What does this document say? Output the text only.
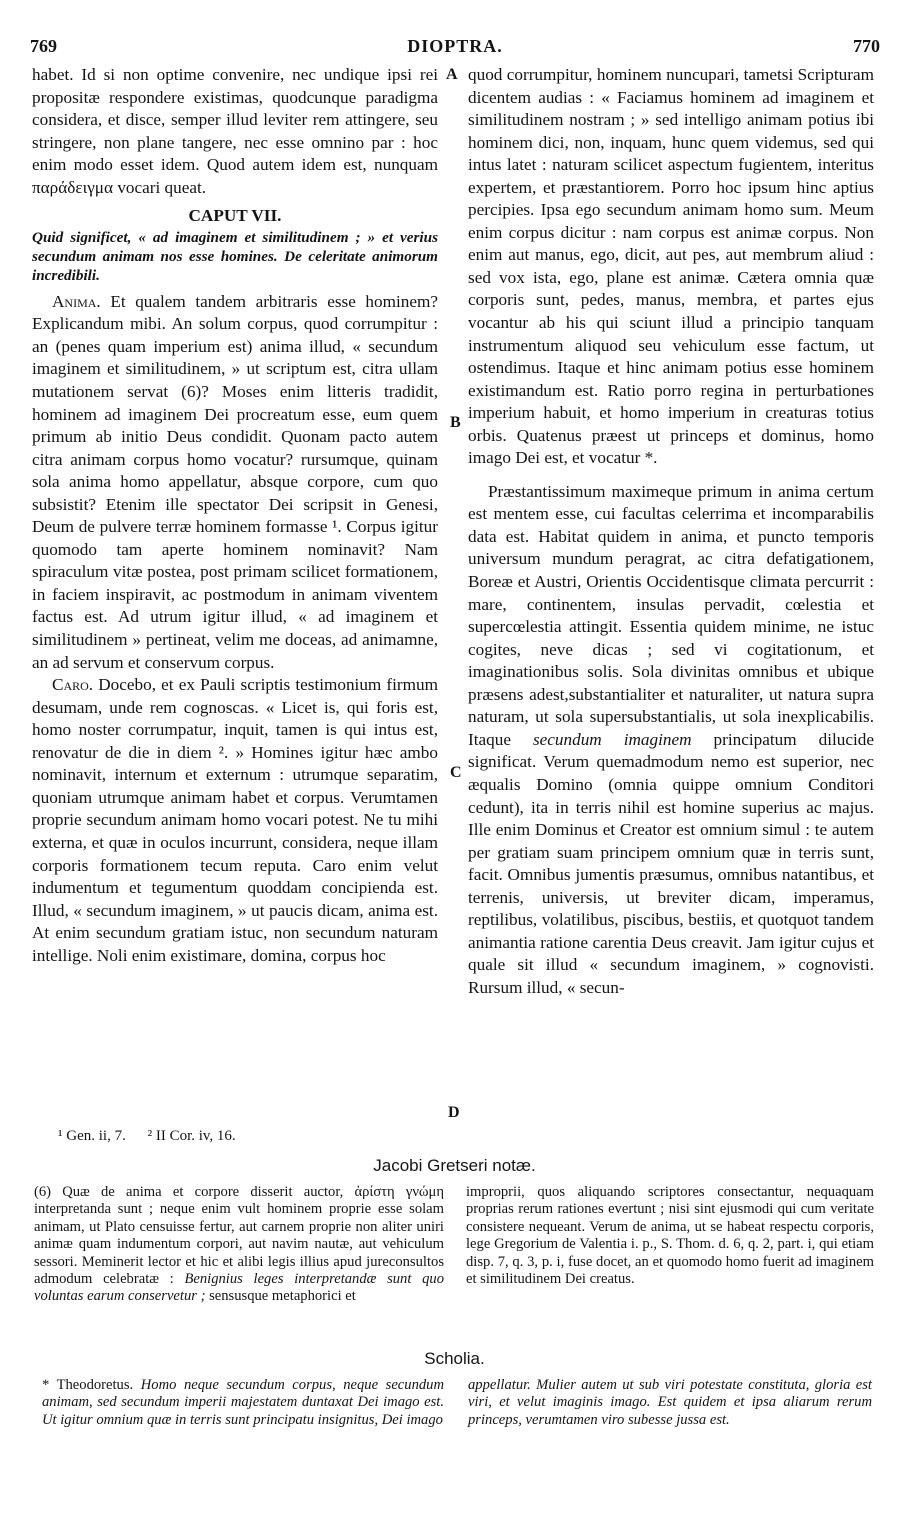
769	DIOPTRA.	770

habet. Id si non optime convenire, nec undique ipsi rei propositæ respondere existimas, quodcunque paradigma considera, et disce, semper illud leviter rem attingere, seu stringere, non plane tangere, nec esse omnino par : hoc enim modo esset idem. Quod autem idem est, nunquam παράδειγμα vocari queat.

CAPUT VII.

Quid significet, « ad imaginem et similitudinem ; » et verius secundum animam nos esse homines. De celeritate animorum incredibili.

Anima. Et qualem tandem arbitraris esse hominem? Explicandum mibi. An solum corpus, quod corrumpitur : an (penes quam imperium est) anima illud, « secundum imaginem et similitudinem, » ut scriptum est, citra ullam mutationem servat (6)? Moses enim litteris tradidit, hominem ad imaginem Dei procreatum esse, eum quem primum ab initio Deus condidit. Quonam pacto autem citra animam corpus homo vocatur? rursumque, quinam sola anima homo appellatur, absque corpore, cum quo subsistit? Etenim ille spectator Dei scripsit in Genesi, Deum de pulvere terræ hominem formasse ¹. Corpus igitur quomodo tam aperte hominem nominavit? Nam spiraculum vitæ postea, post primam scilicet formationem, in faciem inspiravit, ac postmodum in animam viventem factus est. Ad utrum igitur illud, « ad imaginem et similitudinem » pertineat, velim me doceas, ad animamne, an ad servum et conservum corpus.

Caro. Docebo, et ex Pauli scriptis testimonium firmum desumam, unde rem cognoscas. « Licet is, qui foris est, homo noster corrumpatur, inquit, tamen is qui intus est, renovatur de die in diem ². » Homines igitur hæc ambo nominavit, internum et externum : utrumque separatim, quoniam utrumque animam habet et corpus. Verumtamen proprie secundum animam homo vocari potest. Ne tu mihi externa, et quæ in oculos incurrunt, considera, neque illam corporis formationem tecum reputa. Caro enim velut indumentum et tegumentum quoddam concipienda est. Illud, « secundum imaginem, » ut paucis dicam, anima est. At enim secundum gratiam istuc, non secundum naturam intellige. Noli enim existimare, domina, corpus hoc

quod corrumpitur, hominem nuncupari, tametsi Scripturam dicentem audias : « Faciamus hominem ad imaginem et similitudinem nostram ; » sed intelligo animam potius ibi hominem dici, non, inquam, hunc quem videmus, sed qui intus latet : naturam scilicet aspectum fugientem, interitus expertem, et præstantiorem. Porro hoc ipsum hinc aptius percipies. Ipsa ego secundum animam homo sum. Meum enim corpus dicitur : nam corpus est animæ corpus. Non enim aut manus, ego, dicit, aut pes, aut membrum aliud : sed vox ista, ego, plane est animæ. Cætera omnia quæ corporis sunt, pedes, manus, membra, et partes ejus vocantur ab his qui sciunt illud a principio tanquam instrumentum aliquod seu vehiculum esse factum, ut ostendimus. Itaque et hinc animam potius esse hominem existimandum est. Ratio porro regina in perturbationes imperium habuit, et homo imperium in creaturas totius orbis. Quatenus præest ut princeps et dominus, homo imago Dei est, et vocatur *.

Præstantissimum maximeque primum in anima certum est mentem esse, cui facultas celerrima et incomparabilis data est. Habitat quidem in anima, et puncto temporis universum mundum peragrat, ac citra defatigationem, Boreæ et Austri, Orientis Occidentisque climata percurrit : mare, continentem, insulas pervadit, cœlestia et supercœlestia attingit. Essentia quidem minime, ne istuc cogites, neve dicas ; sed vi cogitationum, et imaginationibus solis. Sola divinitas omnibus et ubique præsens adest,substantialiter et naturaliter, ut natura supra naturam, ut sola supersubstantialis, ut sola inexplicabilis. Itaque secundum imaginem principatum dilucide significat. Verum quemadmodum nemo est superior, nec æqualis Domino (omnia quippe omnium Conditori cedunt), ita in terris nihil est homine superius ac majus. Ille enim Dominus et Creator est omnium simul : te autem per gratiam suam principem omnium quæ in terris sunt, facit. Omnibus jumentis præsumus, omnibus natantibus, et terrenis, universis, ut breviter dicam, imperamus, reptilibus, volatilibus, piscibus, bestiis, et quotquot tandem animantia ratione carentia Deus creavit. Jam igitur cujus et quale sit illud « secundum imaginem, » cognovisti. Rursum illud, « secun-

A
B
C
D
¹ Gen. ii, 7. ² II Cor. iv, 16.
Jacobi Gretseri notæ.

(6) Quæ de anima et corpore disserit auctor, ἀρίστη γνώμη interpretanda sunt ; neque enim vult hominem proprie esse solam animam, ut Plato censuisse fertur, aut carnem proprie non aliter uniri animæ quam indumentum corpori, aut navim nautæ, aut vehiculum sessori. Meminerit lector et hic et alibi legis illius apud jureconsultos admodum celebratæ : Benignius leges interpretandæ sunt quo voluntas earum conservetur ; sensusque metaphorici et

improprii, quos aliquando scriptores consectantur, nequaquam proprias rerum rationes evertunt ; nisi sint ejusmodi qui cum veritate consistere nequeant. Verum de anima, ut se habeat respectu corporis, lege Gregorium de Valentia i. p., S. Thom. d. 6, q. 2, part. i, qui etiam disp. 7, q. 3, p. i, fuse docet, an et quomodo homo fuerit ad imaginem et similitudinem Dei creatus.

Scholia.

* Theodoretus. Homo neque secundum corpus, neque secundum animam, sed secundum imperii majestatem duntaxat Dei imago est. Ut igitur omnium quæ in terris sunt principatu insignitus, Dei imago

appellatur. Mulier autem ut sub viri potestate constituta, gloria est viri, et velut imaginis imago. Est quidem et ipsa aliarum rerum princeps, verumtamen viro subesse jussa est.
